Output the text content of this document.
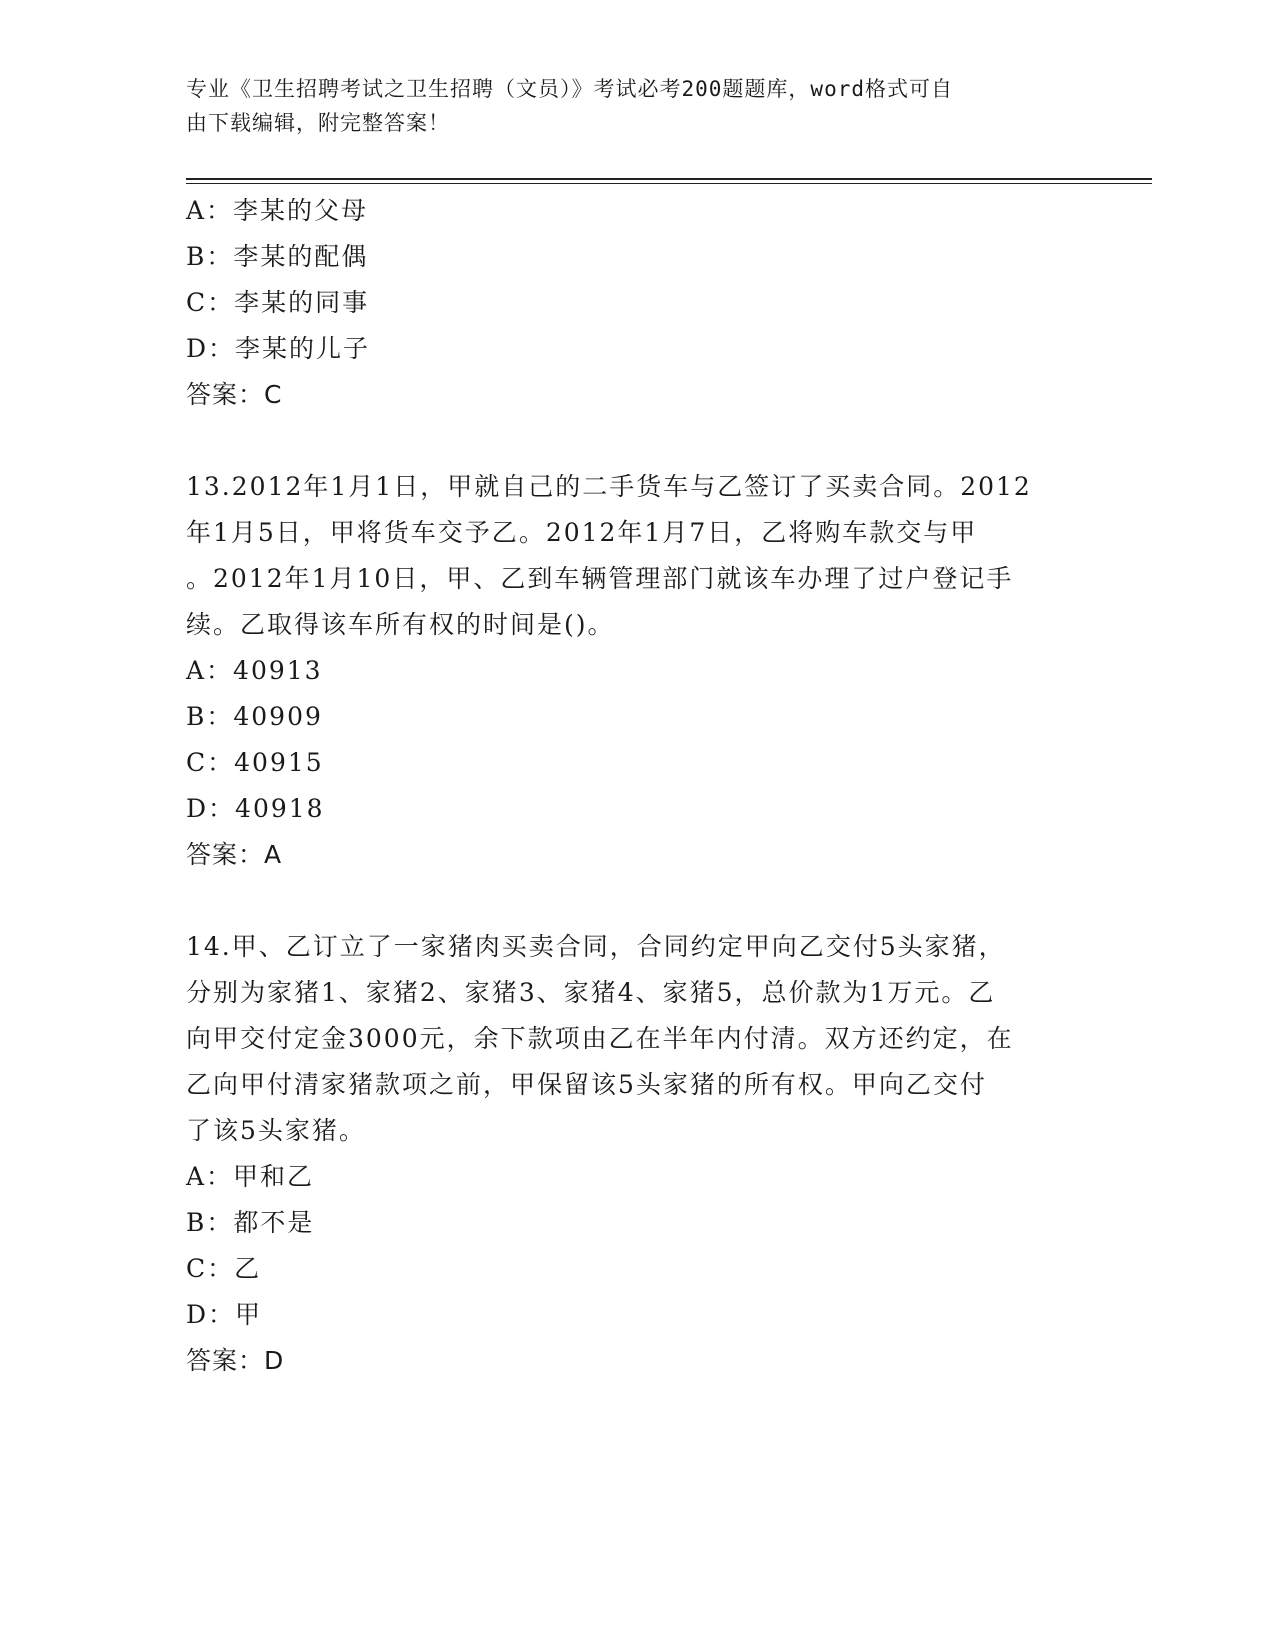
专业《卫生招聘考试之卫生招聘（文员）》考试必考200题题库，word格式可自
由下载编辑，附完整答案！
A：李某的父母
B：李某的配偶
C：李某的同事
D：李某的儿子
答案：C
13.2012年1月1日，甲就自己的二手货车与乙签订了买卖合同。2012
年1月5日，甲将货车交予乙。2012年1月7日，乙将购车款交与甲
。2012年1月10日，甲、乙到车辆管理部门就该车办理了过户登记手
续。乙取得该车所有权的时间是()。
A：40913
B：40909
C：40915
D：40918
答案：A
14.甲、乙订立了一家猪肉买卖合同，合同约定甲向乙交付5头家猪，
分别为家猪1、家猪2、家猪3、家猪4、家猪5，总价款为1万元。乙
向甲交付定金3000元，余下款项由乙在半年内付清。双方还约定，在
乙向甲付清家猪款项之前，甲保留该5头家猪的所有权。甲向乙交付
了该5头家猪。
A：甲和乙
B：都不是
C：乙
D：甲
答案：D
